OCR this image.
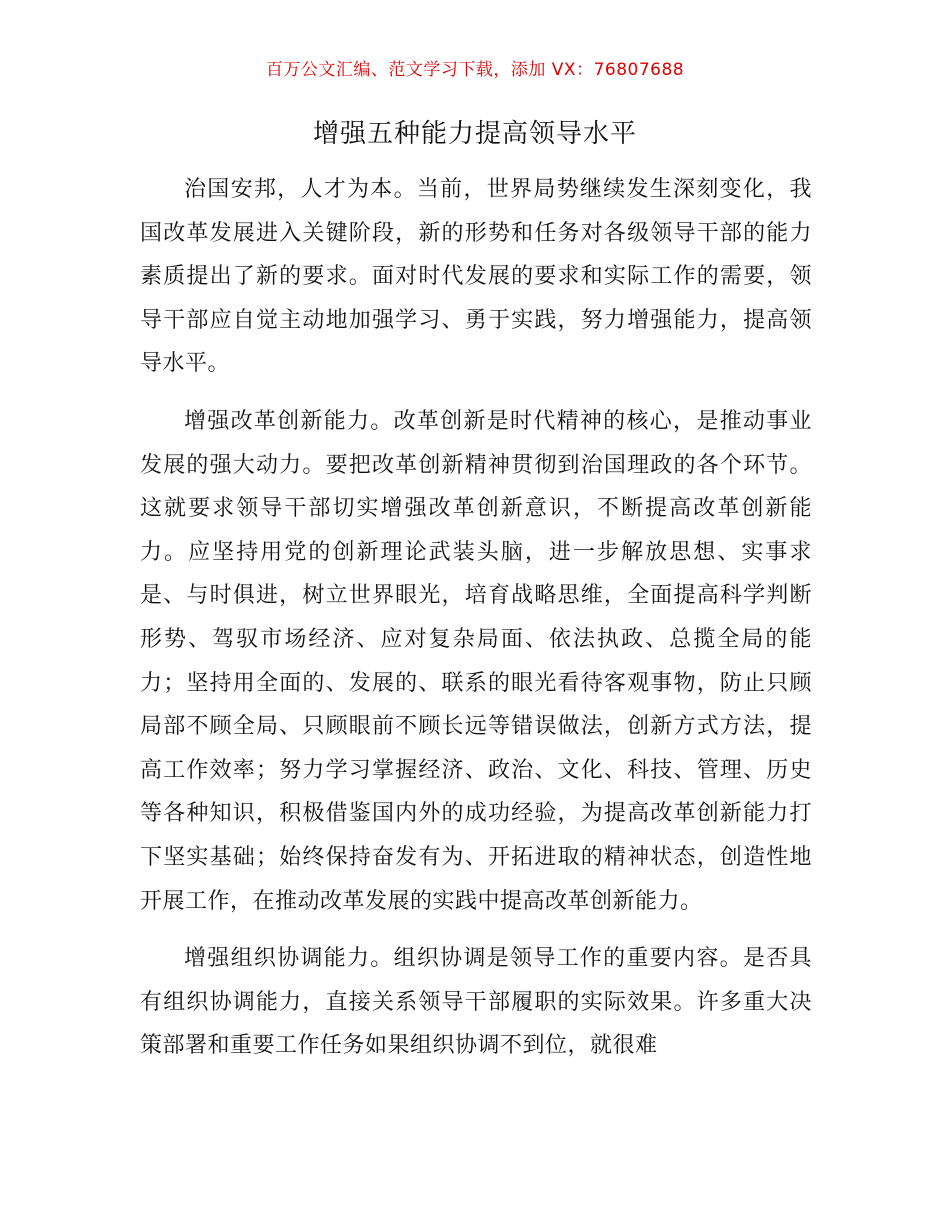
百万公文汇编、范文学习下载，添加 VX：76807688
增强五种能力提高领导水平

治国安邦，人才为本。当前，世界局势继续发生深刻变化，我国改革发展进入关键阶段，新的形势和任务对各级领导干部的能力素质提出了新的要求。面对时代发展的要求和实际工作的需要，领导干部应自觉主动地加强学习、勇于实践，努力增强能力，提高领导水平。

增强改革创新能力。改革创新是时代精神的核心，是推动事业发展的强大动力。要把改革创新精神贯彻到治国理政的各个环节。这就要求领导干部切实增强改革创新意识，不断提高改革创新能力。应坚持用党的创新理论武装头脑，进一步解放思想、实事求是、与时俱进，树立世界眼光，培育战略思维，全面提高科学判断形势、驾驭市场经济、应对复杂局面、依法执政、总揽全局的能力；坚持用全面的、发展的、联系的眼光看待客观事物，防止只顾局部不顾全局、只顾眼前不顾长远等错误做法，创新方式方法，提高工作效率；努力学习掌握经济、政治、文化、科技、管理、历史等各种知识，积极借鉴国内外的成功经验，为提高改革创新能力打下坚实基础；始终保持奋发有为、开拓进取的精神状态，创造性地开展工作，在推动改革发展的实践中提高改革创新能力。

增强组织协调能力。组织协调是领导工作的重要内容。是否具有组织协调能力，直接关系领导干部履职的实际效果。许多重大决策部署和重要工作任务如果组织协调不到位，就很难
